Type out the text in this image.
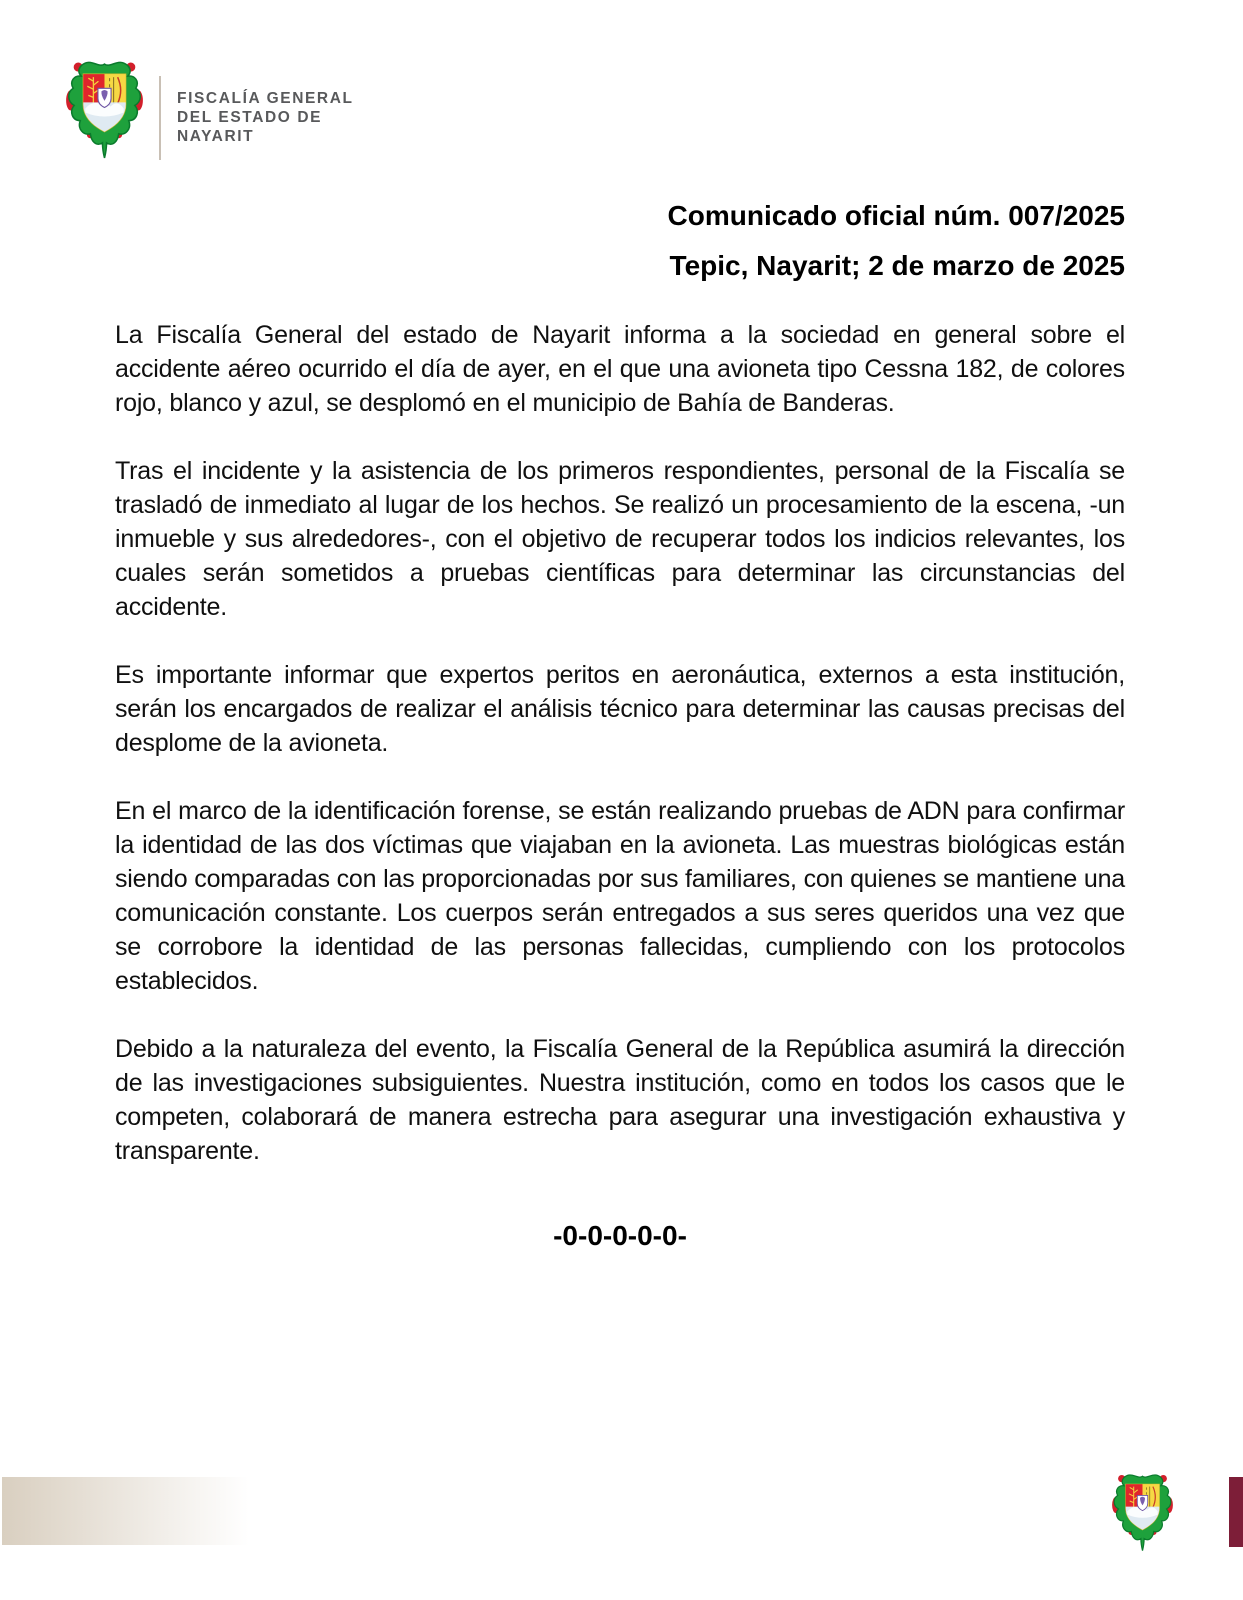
FISCALÍA GENERAL
DEL ESTADO DE
NAYARIT
Comunicado oficial núm. 007/2025
Tepic, Nayarit; 2 de marzo de 2025

La Fiscalía General del estado de Nayarit informa a la sociedad en general sobre el accidente aéreo ocurrido el día de ayer, en el que una avioneta tipo Cessna 182, de colores rojo, blanco y azul, se desplomó en el municipio de Bahía de Banderas.

Tras el incidente y la asistencia de los primeros respondientes, personal de la Fiscalía se trasladó de inmediato al lugar de los hechos. Se realizó un procesamiento de la escena, -un inmueble y sus alrededores-, con el objetivo de recuperar todos los indicios relevantes, los cuales serán sometidos a pruebas científicas para determinar las circunstancias del accidente.

Es importante informar que expertos peritos en aeronáutica, externos a esta institución, serán los encargados de realizar el análisis técnico para determinar las causas precisas del desplome de la avioneta.

En el marco de la identificación forense, se están realizando pruebas de ADN para confirmar la identidad de las dos víctimas que viajaban en la avioneta. Las muestras biológicas están siendo comparadas con las proporcionadas por sus familiares, con quienes se mantiene una comunicación constante. Los cuerpos serán entregados a sus seres queridos una vez que se corrobore la identidad de las personas fallecidas, cumpliendo con los protocolos establecidos.

Debido a la naturaleza del evento, la Fiscalía General de la República asumirá la dirección de las investigaciones subsiguientes. Nuestra institución, como en todos los casos que le competen, colaborará de manera estrecha para asegurar una investigación exhaustiva y transparente.

-0-0-0-0-0-
